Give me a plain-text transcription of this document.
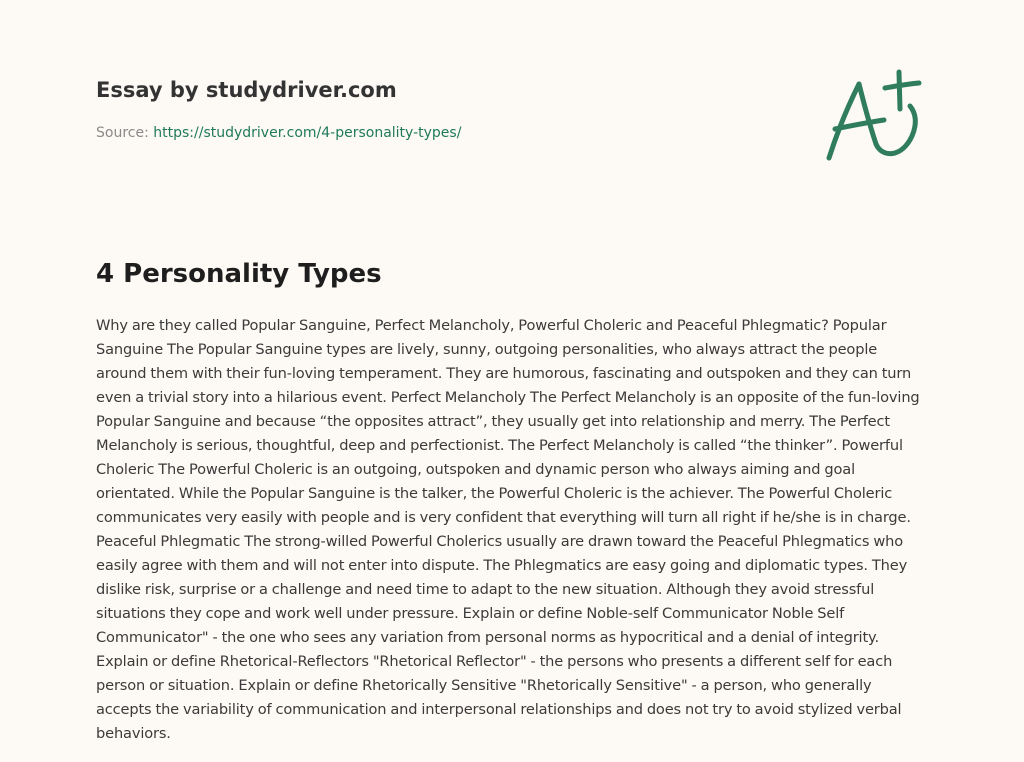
Essay by studydriver.com
Source: https://studydriver.com/4-personality-types/
4 Personality Types

Why are they called Popular Sanguine, Perfect Melancholy, Powerful Choleric and Peaceful Phlegmatic? Popular Sanguine The Popular Sanguine types are lively, sunny, outgoing personalities, who always attract the people around them with their fun-loving temperament. They are humorous, fascinating and outspoken and they can turn even a trivial story into a hilarious event. Perfect Melancholy The Perfect Melancholy is an opposite of the fun-loving Popular Sanguine and because “the opposites attract”, they usually get into relationship and merry. The Perfect Melancholy is serious, thoughtful, deep and perfectionist. The Perfect Melancholy is called “the thinker”. Powerful Choleric The Powerful Choleric is an outgoing, outspoken and dynamic person who always aiming and goal orientated. While the Popular Sanguine is the talker, the Powerful Choleric is the achiever. The Powerful Choleric communicates very easily with people and is very confident that everything will turn all right if he/she is in charge. Peaceful Phlegmatic The strong-willed Powerful Cholerics usually are drawn toward the Peaceful Phlegmatics who easily agree with them and will not enter into dispute. The Phlegmatics are easy going and diplomatic types. They dislike risk, surprise or a challenge and need time to adapt to the new situation. Although they avoid stressful situations they cope and work well under pressure. Explain or define Noble-self Communicator Noble Self Communicator" - the one who sees any variation from personal norms as hypocritical and a denial of integrity. Explain or define Rhetorical-Reflectors "Rhetorical Reflector" - the persons who presents a different self for each person or situation. Explain or define Rhetorically Sensitive "Rhetorically Sensitive" - a person, who generally accepts the variability of communication and interpersonal relationships and does not try to avoid stylized verbal behaviors.
